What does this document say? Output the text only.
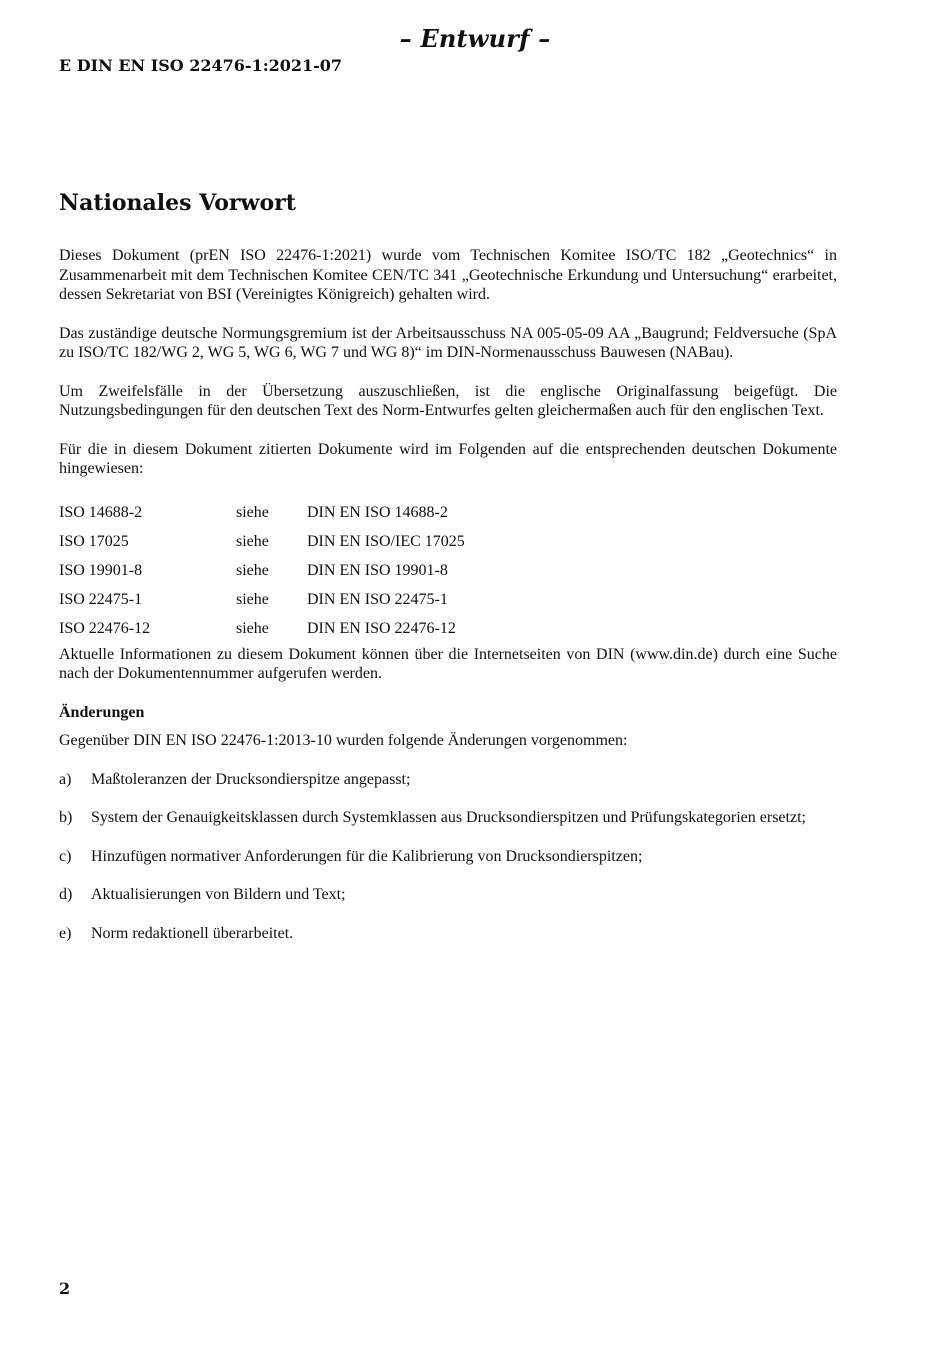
– Entwurf –
E DIN EN ISO 22476-1:2021-07
Nationales Vorwort

Dieses Dokument (prEN ISO 22476-1:2021) wurde vom Technischen Komitee ISO/TC 182 „Geotechnics“ in Zusammenarbeit mit dem Technischen Komitee CEN/TC 341 „Geotechnische Erkundung und Untersuchung“ erarbeitet, dessen Sekretariat von BSI (Vereinigtes Königreich) gehalten wird.

Das zuständige deutsche Normungsgremium ist der Arbeitsausschuss NA 005-05-09 AA „Baugrund; Feldversuche (SpA zu ISO/TC 182/WG 2, WG 5, WG 6, WG 7 und WG 8)“ im DIN-Normenausschuss Bauwesen (NABau).

Um Zweifelsfälle in der Übersetzung auszuschließen, ist die englische Originalfassung beigefügt. Die Nutzungsbedingungen für den deutschen Text des Norm-Entwurfes gelten gleichermaßen auch für den englischen Text.

Für die in diesem Dokument zitierten Dokumente wird im Folgenden auf die entsprechenden deutschen Dokumente hingewiesen:

ISO 14688-2	siehe	DIN EN ISO 14688-2
ISO 17025	siehe	DIN EN ISO/IEC 17025
ISO 19901-8	siehe	DIN EN ISO 19901-8
ISO 22475-1	siehe	DIN EN ISO 22475-1
ISO 22476-12	siehe	DIN EN ISO 22476-12

Aktuelle Informationen zu diesem Dokument können über die Internetseiten von DIN (www.din.de) durch eine Suche nach der Dokumentennummer aufgerufen werden.

Änderungen

Gegenüber DIN EN ISO 22476-1:2013-10 wurden folgende Änderungen vorgenommen:

a)	Maßtoleranzen der Drucksondierspitze angepasst;
b)	System der Genauigkeitsklassen durch Systemklassen aus Drucksondierspitzen und Prüfungskategorien ersetzt;
c)	Hinzufügen normativer Anforderungen für die Kalibrierung von Drucksondierspitzen;
d)	Aktualisierungen von Bildern und Text;
e)	Norm redaktionell überarbeitet.
2
